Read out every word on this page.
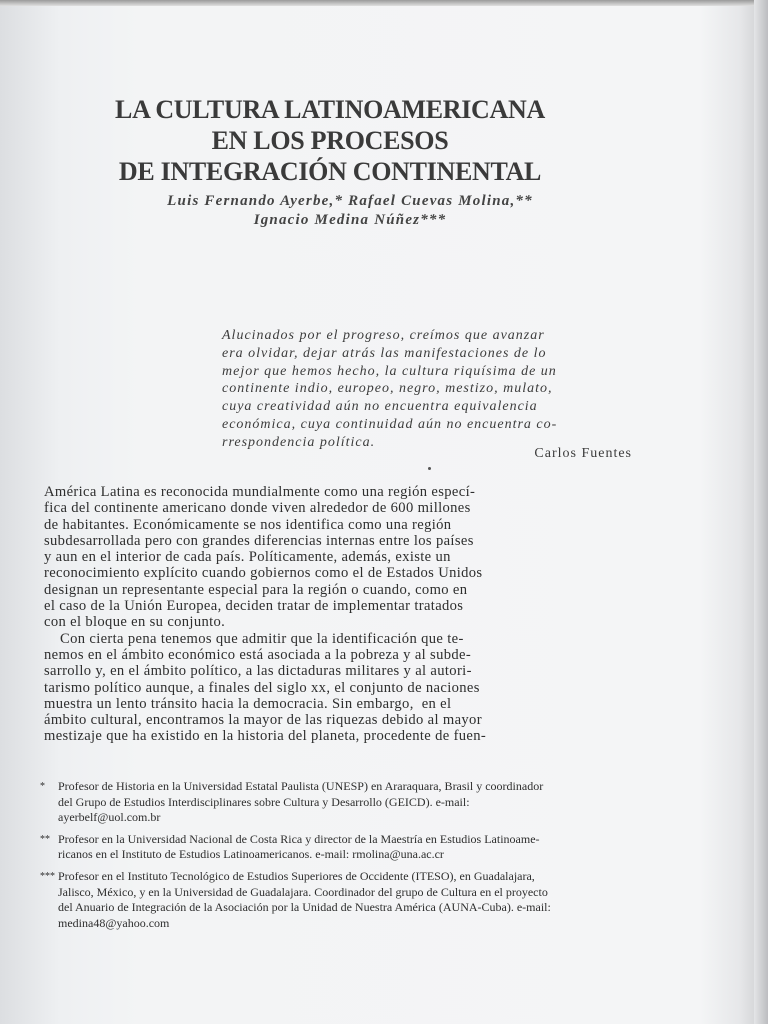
LA CULTURA LATINOAMERICANA
EN LOS PROCESOS
DE INTEGRACIÓN CONTINENTAL
Luis Fernando Ayerbe,* Rafael Cuevas Molina,**
Ignacio Medina Núñez***
Alucinados por el progreso, creímos que avanzar
era olvidar, dejar atrás las manifestaciones de lo
mejor que hemos hecho, la cultura riquísima de un
continente indio, europeo, negro, mestizo, mulato,
cuya creatividad aún no encuentra equivalencia
económica, cuya continuidad aún no encuentra co-
rrespondencia política.
Carlos Fuentes
América Latina es reconocida mundialmente como una región especí-
fica del continente americano donde viven alrededor de 600 millones
de habitantes. Económicamente se nos identifica como una región
subdesarrollada pero con grandes diferencias internas entre los países
y aun en el interior de cada país. Políticamente, además, existe un
reconocimiento explícito cuando gobiernos como el de Estados Unidos
designan un representante especial para la región o cuando, como en
el caso de la Unión Europea, deciden tratar de implementar tratados
con el bloque en su conjunto.
Con cierta pena tenemos que admitir que la identificación que te-
nemos en el ámbito económico está asociada a la pobreza y al subde-
sarrollo y, en el ámbito político, a las dictaduras militares y al autori-
tarismo político aunque, a finales del siglo xx, el conjunto de naciones
muestra un lento tránsito hacia la democracia. Sin embargo,  en el
ámbito cultural, encontramos la mayor de las riquezas debido al mayor
mestizaje que ha existido en la historia del planeta, procedente de fuen-
* Profesor de Historia en la Universidad Estatal Paulista (UNESP) en Araraquara, Brasil y coordinador
del Grupo de Estudios Interdisciplinares sobre Cultura y Desarrollo (GEICD). e-mail:
ayerbelf@uol.com.br
** Profesor en la Universidad Nacional de Costa Rica y director de la Maestría en Estudios Latinoame-
ricanos en el Instituto de Estudios Latinoamericanos. e-mail: rmolina@una.ac.cr
*** Profesor en el Instituto Tecnológico de Estudios Superiores de Occidente (ITESO), en Guadalajara,
Jalisco, México, y en la Universidad de Guadalajara. Coordinador del grupo de Cultura en el proyecto
del Anuario de Integración de la Asociación por la Unidad de Nuestra América (AUNA-Cuba). e-mail:
medina48@yahoo.com
